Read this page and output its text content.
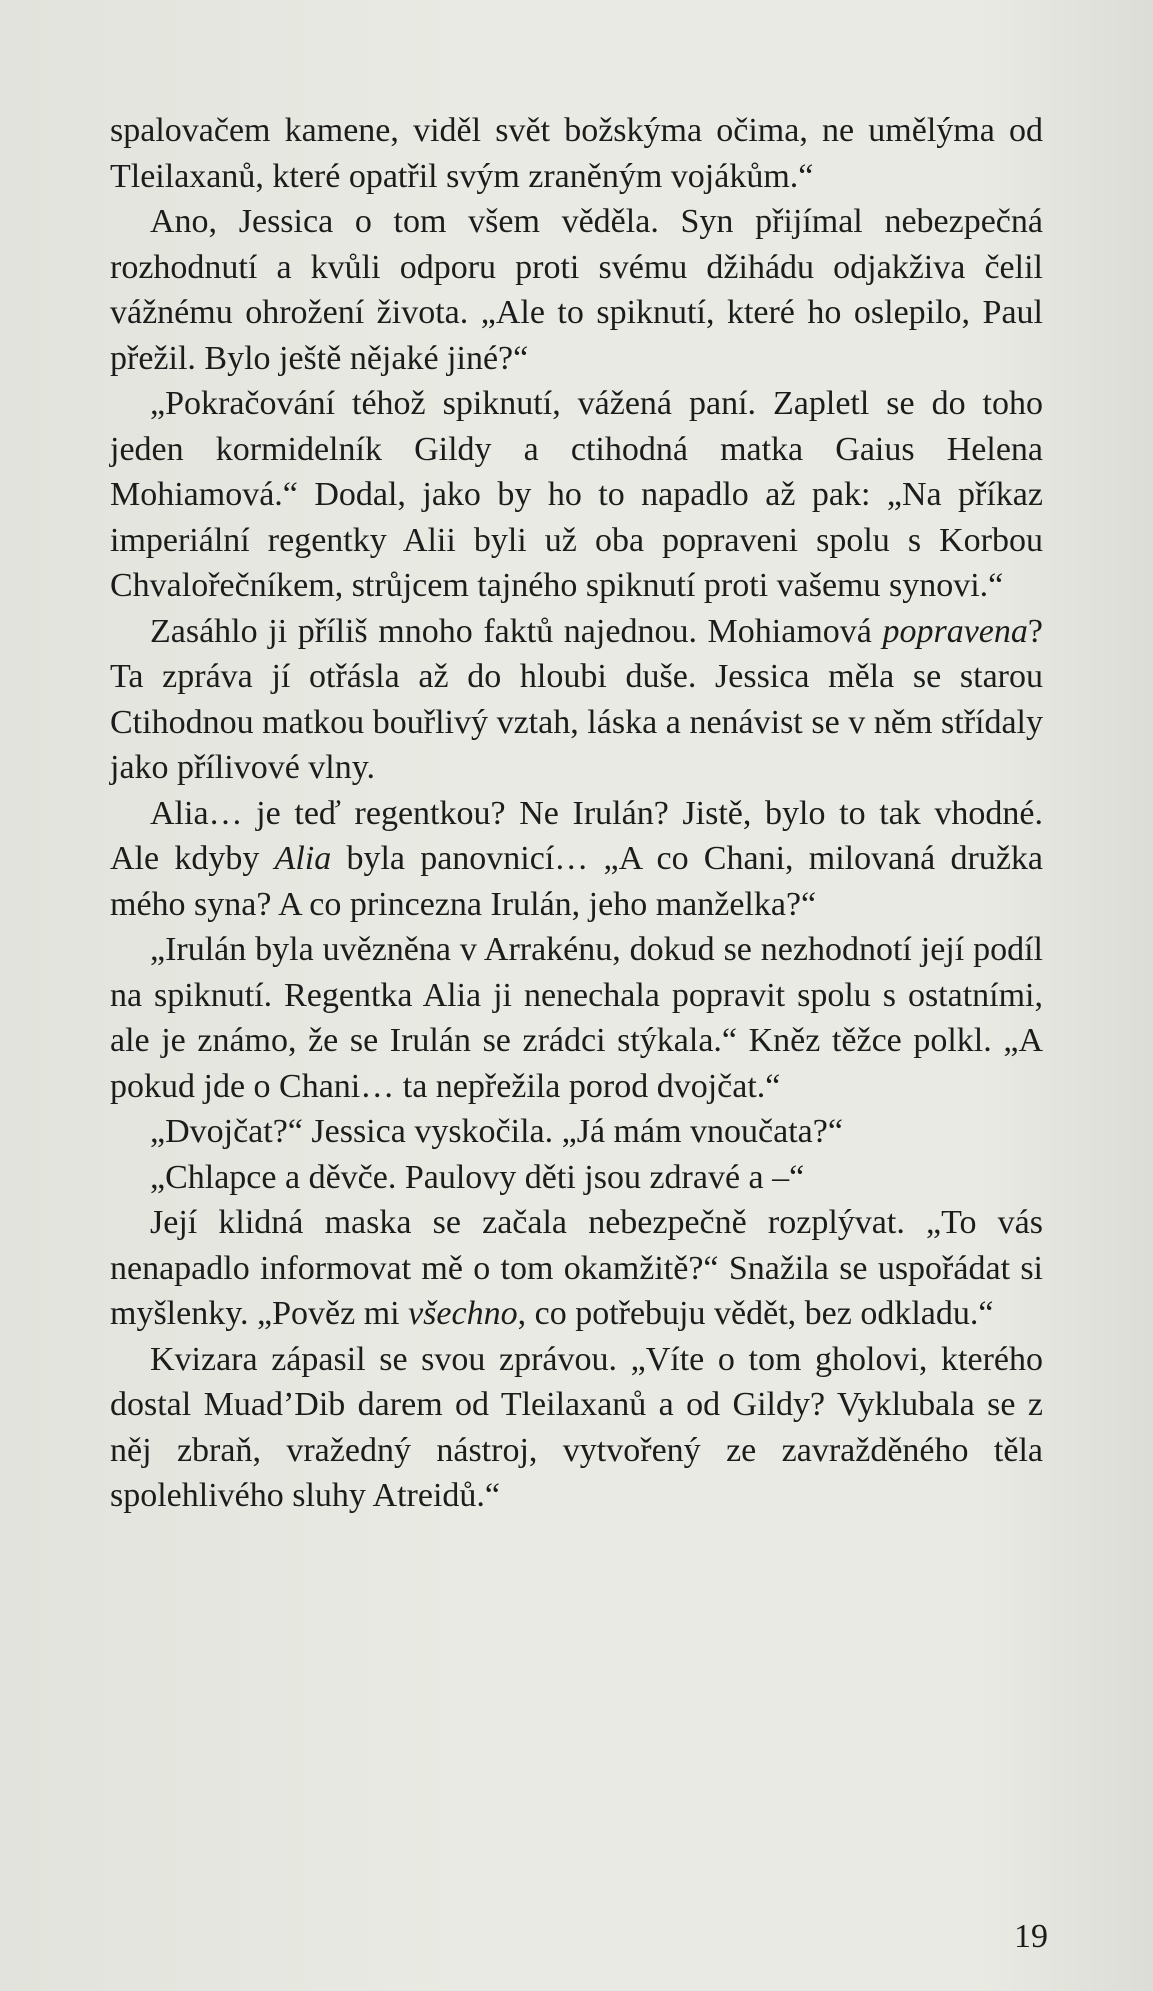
spalovačem kamene, viděl svět božskýma očima, ne umělýma od Tleilaxanů, které opatřil svým zraněným vojákům.“

Ano, Jessica o tom všem věděla. Syn přijímal nebezpečná rozhodnutí a kvůli odporu proti svému džihádu odjakživa čelil vážnému ohrožení života. „Ale to spiknutí, které ho oslepilo, Paul přežil. Bylo ještě nějaké jiné?“

„Pokračování téhož spiknutí, vážená paní. Zapletl se do toho jeden kormidelník Gildy a ctihodná matka Gaius Helena Mohiamová.“ Dodal, jako by ho to napadlo až pak: „Na příkaz imperiální regentky Alii byli už oba popraveni spolu s Korbou Chvalořečníkem, strůjcem tajného spiknutí proti vašemu synovi.“

Zasáhlo ji příliš mnoho faktů najednou. Mohiamová popravena? Ta zpráva jí otřásla až do hloubi duše. Jessica měla se starou Ctihodnou matkou bouřlivý vztah, láska a nenávist se v něm střídaly jako přílivové vlny.

Alia… je teď regentkou? Ne Irulán? Jistě, bylo to tak vhodné. Ale kdyby Alia byla panovnicí… „A co Chani, milovaná družka mého syna? A co princezna Irulán, jeho manželka?“

„Irulán byla uvězněna v Arrakénu, dokud se nezhodnotí její podíl na spiknutí. Regentka Alia ji nenechala popravit spolu s ostatními, ale je známo, že se Irulán se zrádci stýkala.“ Kněz těžce polkl. „A pokud jde o Chani… ta nepřežila porod dvojčat.“

„Dvojčat?“ Jessica vyskočila. „Já mám vnoučata?“

„Chlapce a děvče. Paulovy děti jsou zdravé a –“

Její klidná maska se začala nebezpečně rozplývat. „To vás nenapadlo informovat mě o tom okamžitě?“ Snažila se uspořádat si myšlenky. „Pověz mi všechno, co potřebuju vědět, bez odkladu.“

Kvizara zápasil se svou zprávou. „Víte o tom gholovi, kterého dostal Muad’Dib darem od Tleilaxanů a od Gildy? Vyklubala se z něj zbraň, vražedný nástroj, vytvořený ze zavražděného těla spolehlivého sluhy Atreidů.“

19
